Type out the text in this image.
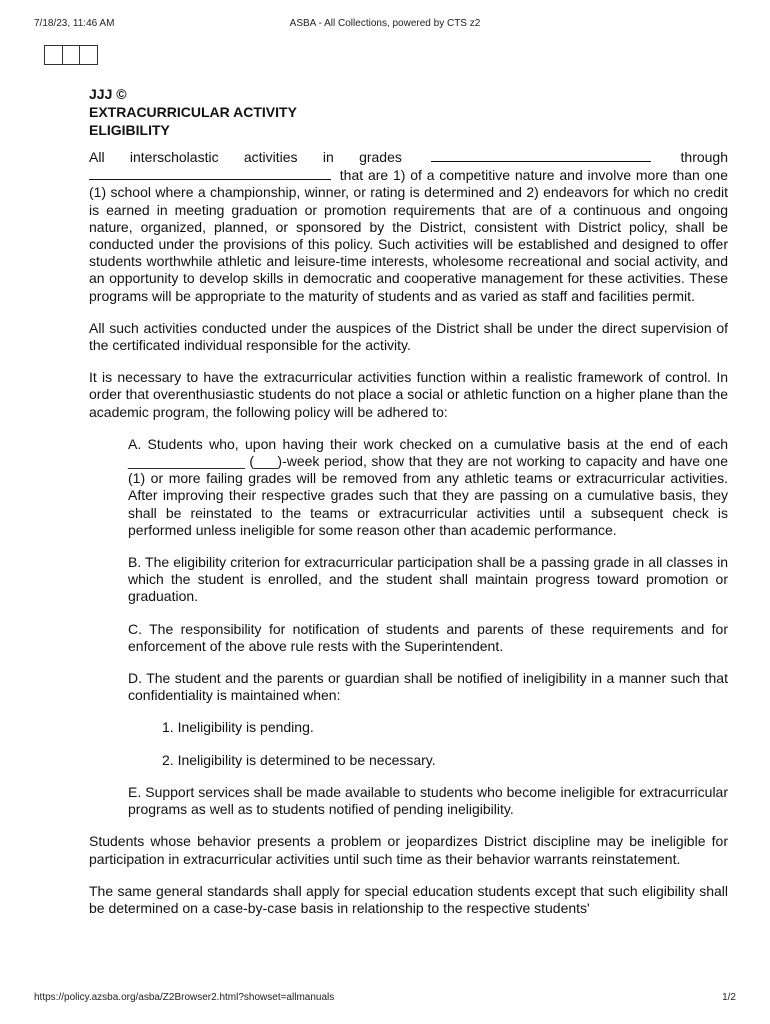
7/18/23, 11:46 AM	ASBA - All Collections, powered by CTS z2
JJJ ©
EXTRACURRICULAR ACTIVITY
ELIGIBILITY

All interscholastic activities in grades	through  that are 1) of a competitive nature and involve more than one (1) school where a championship, winner, or rating is determined and 2) endeavors for which no credit is earned in meeting graduation or promotion requirements that are of a continuous and ongoing nature, organized, planned, or sponsored by the District, consistent with District policy, shall be conducted under the provisions of this policy. Such activities will be established and designed to offer students worthwhile athletic and leisure-time interests, wholesome recreational and social activity, and an opportunity to develop skills in democratic and cooperative management for these activities. These programs will be appropriate to the maturity of students and as varied as staff and facilities permit.

All such activities conducted under the auspices of the District shall be under the direct supervision of the certificated individual responsible for the activity.

It is necessary to have the extracurricular activities function within a realistic framework of control. In order that overenthusiastic students do not place a social or athletic function on a higher plane than the academic program, the following policy will be adhered to:

A. Students who, upon having their work checked on a cumulative basis at the end of each _______________ (___)-week period, show that they are not working to capacity and have one (1) or more failing grades will be removed from any athletic teams or extracurricular activities. After improving their respective grades such that they are passing on a cumulative basis, they shall be reinstated to the teams or extracurricular activities until a subsequent check is performed unless ineligible for some reason other than academic performance.

B. The eligibility criterion for extracurricular participation shall be a passing grade in all classes in which the student is enrolled, and the student shall maintain progress toward promotion or graduation.

C. The responsibility for notification of students and parents of these requirements and for enforcement of the above rule rests with the Superintendent.

D. The student and the parents or guardian shall be notified of ineligibility in a manner such that confidentiality is maintained when:

1. Ineligibility is pending.

2. Ineligibility is determined to be necessary.

E. Support services shall be made available to students who become ineligible for extracurricular programs as well as to students notified of pending ineligibility.

Students whose behavior presents a problem or jeopardizes District discipline may be ineligible for participation in extracurricular activities until such time as their behavior warrants reinstatement.

The same general standards shall apply for special education students except that such eligibility shall be determined on a case-by-case basis in relationship to the respective students'

https://policy.azsba.org/asba/Z2Browser2.html?showset=allmanuals	1/2
